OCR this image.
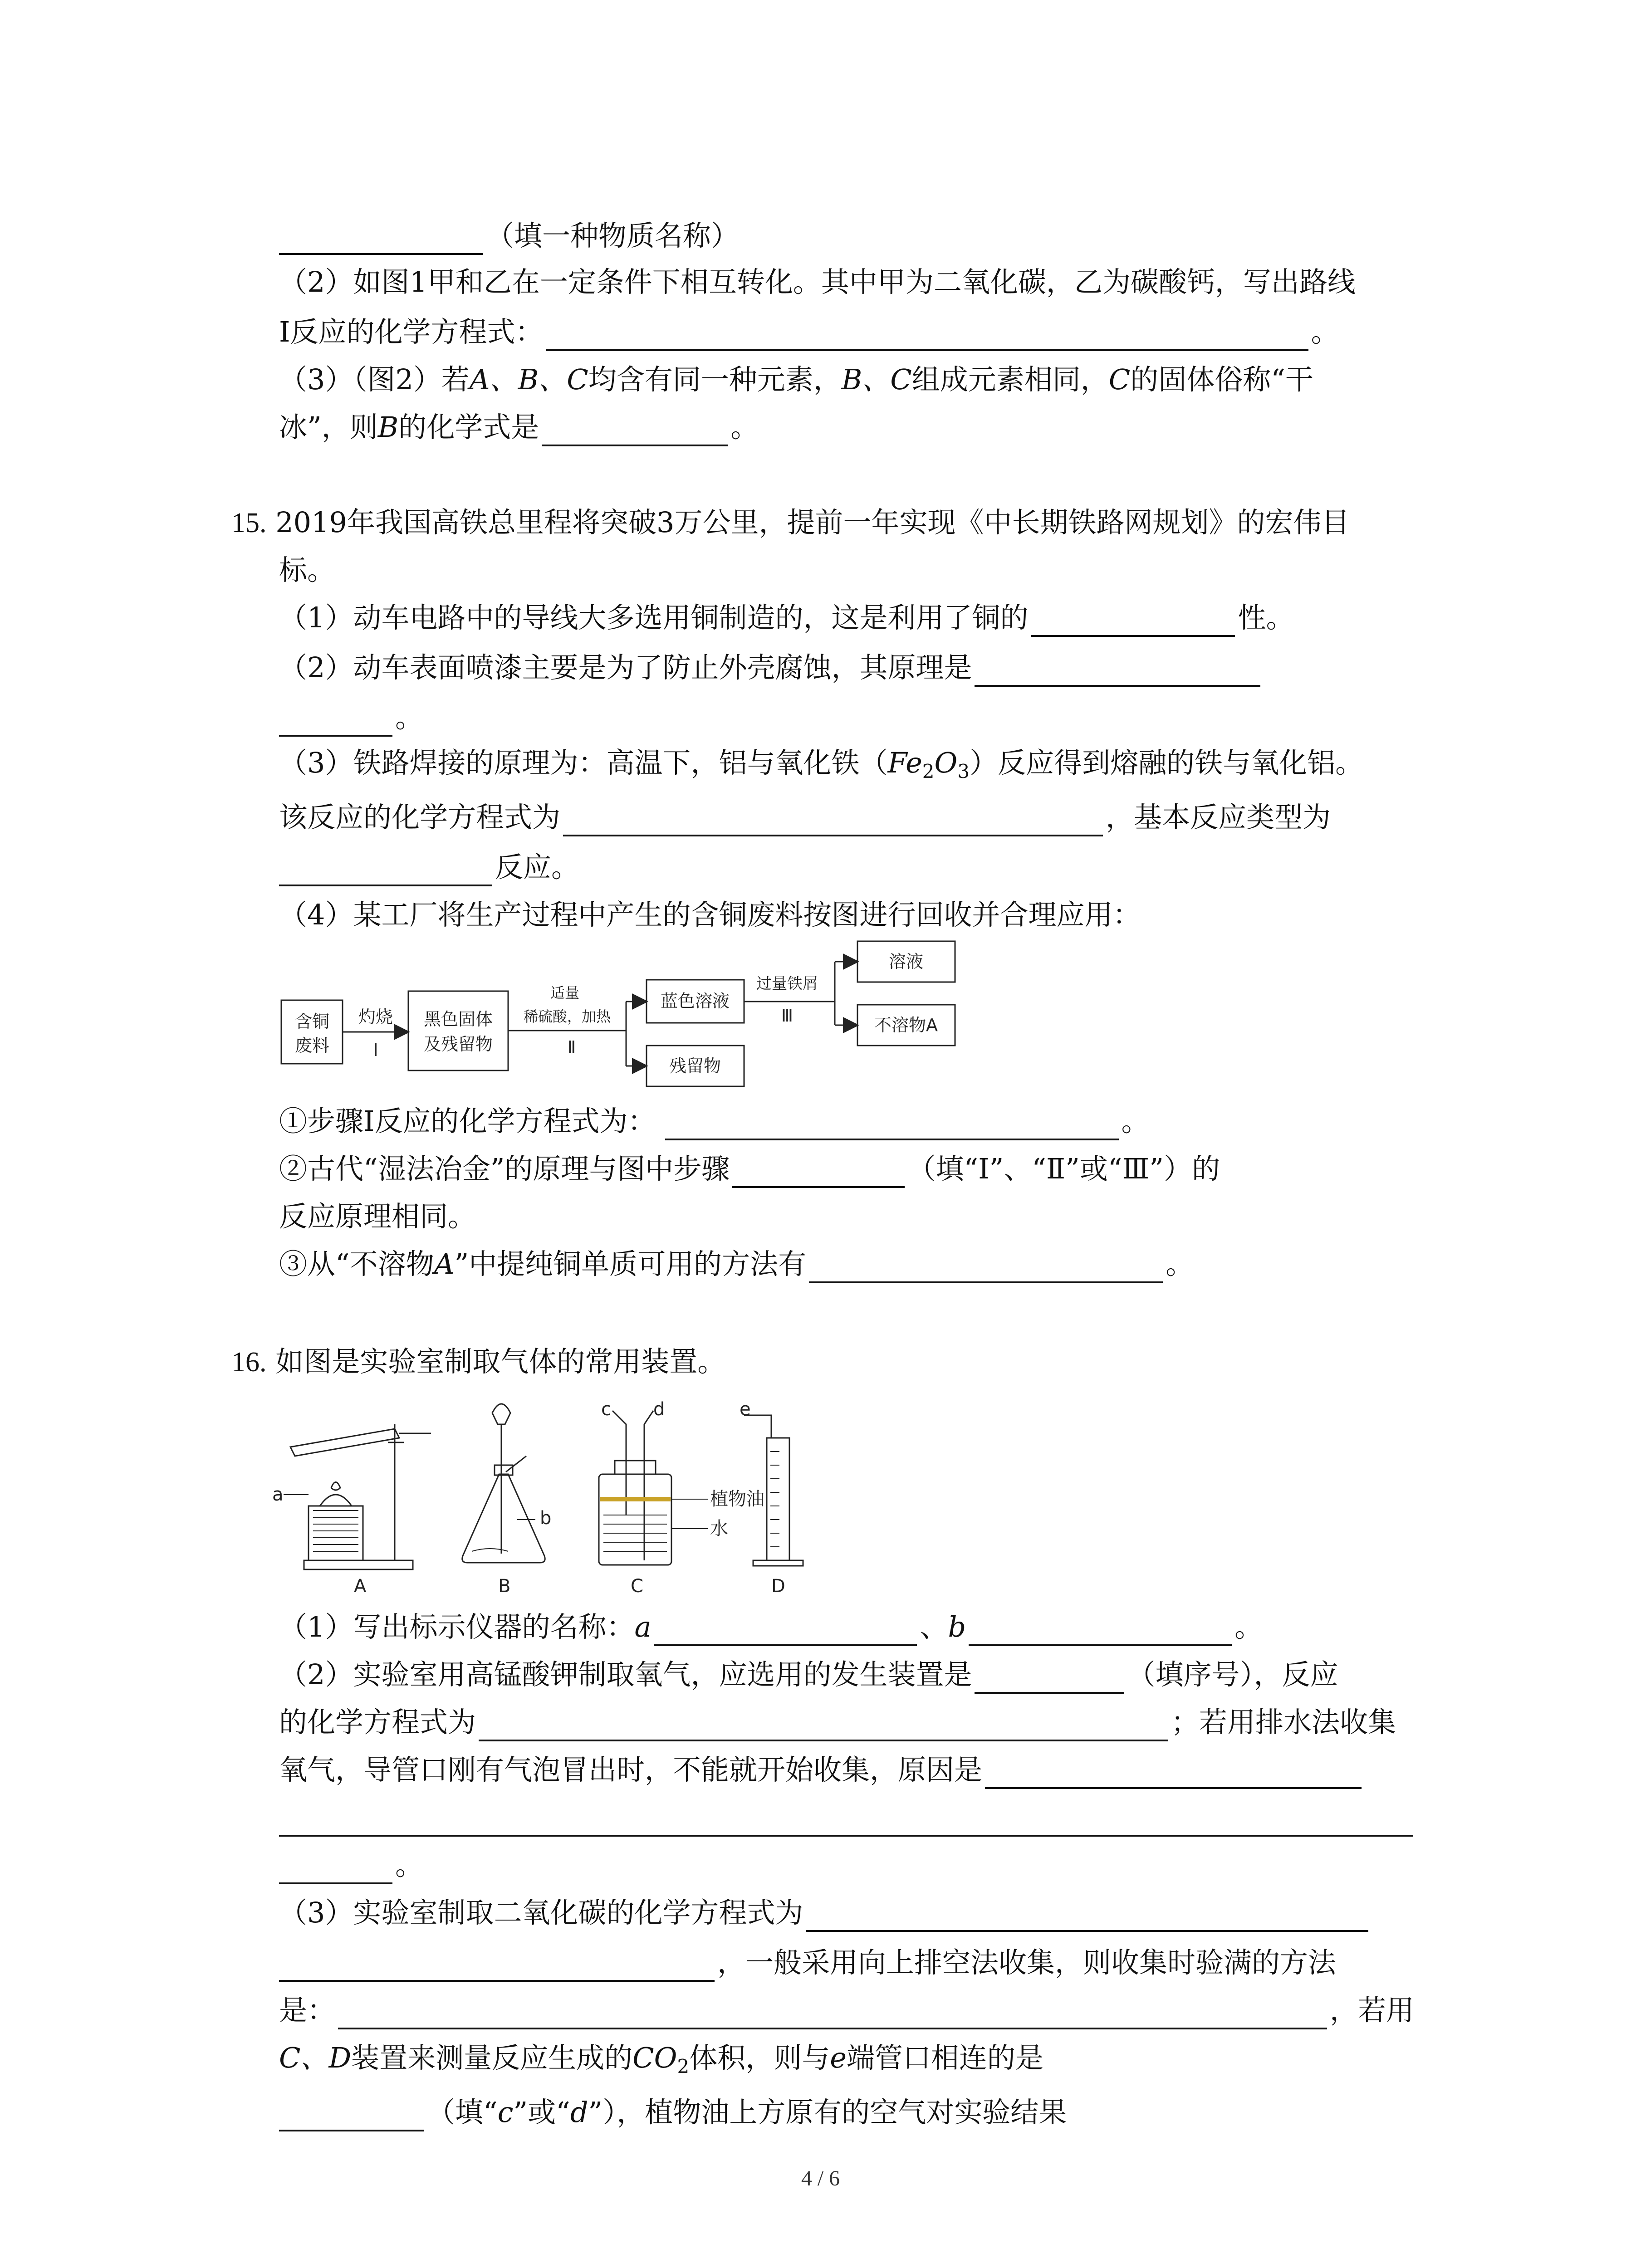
（填一种物质名称）
（2）如图1甲和乙在一定条件下相互转化。其中甲为二氧化碳，乙为碳酸钙，写出路线
Ⅰ反应的化学方程式：	。
（3）（图2）若A、B、C均含有同一种元素，B、C组成元素相同，C的固体俗称“干
冰”，则B的化学式是	。
15. 2019年我国高铁总里程将突破3万公里，提前一年实现《中长期铁路网规划》的宏伟目
标。
（1）动车电路中的导线大多选用铜制造的，这是利用了铜的	性。
（2）动车表面喷漆主要是为了防止外壳腐蚀，其原理是
。
（3）铁路焊接的原理为：高温下，铝与氧化铁$(Fe_2O_3)$反应得到熔融的铁与氧化铝。
该反应的化学方程式为	，基本反应类型为
反应。
（4）某工厂将生产过程中产生的含铜废料按图进行回收并合理应用：
含铜
废料
灼烧
Ⅰ
黑色固体
及残留物
适量
稀硫酸，加热
Ⅱ
蓝色溶液
残留物
过量铁屑
Ⅲ
溶液
不溶物A
①步骤Ⅰ反应的化学方程式为：	。
②古代“湿法冶金”的原理与图中步骤	（填“Ⅰ”、“Ⅱ”或“Ⅲ”）的
反应原理相同。
③从“不溶物A”中提纯铜单质可用的方法有	。
16. 如图是实验室制取气体的常用装置。
a
b
c d	e
植物油
水
A	B	C	D
（1）写出标示仪器的名称：a	、b	。
（2）实验室用高锰酸钾制取氧气，应选用的发生装置是	（填序号），反应
的化学方程式为	；若用排水法收集
氧气，导管口刚有气泡冒出时，不能就开始收集，原因是
。
（3）实验室制取二氧化碳的化学方程式为
，一般采用向上排空法收集，则收集时验满的方法
是：	，若用
C、D装置来测量反应生成的$CO_2$体积，则与e端管口相连的是
（填“c”或“d”），植物油上方原有的空气对实验结果
4 / 6
